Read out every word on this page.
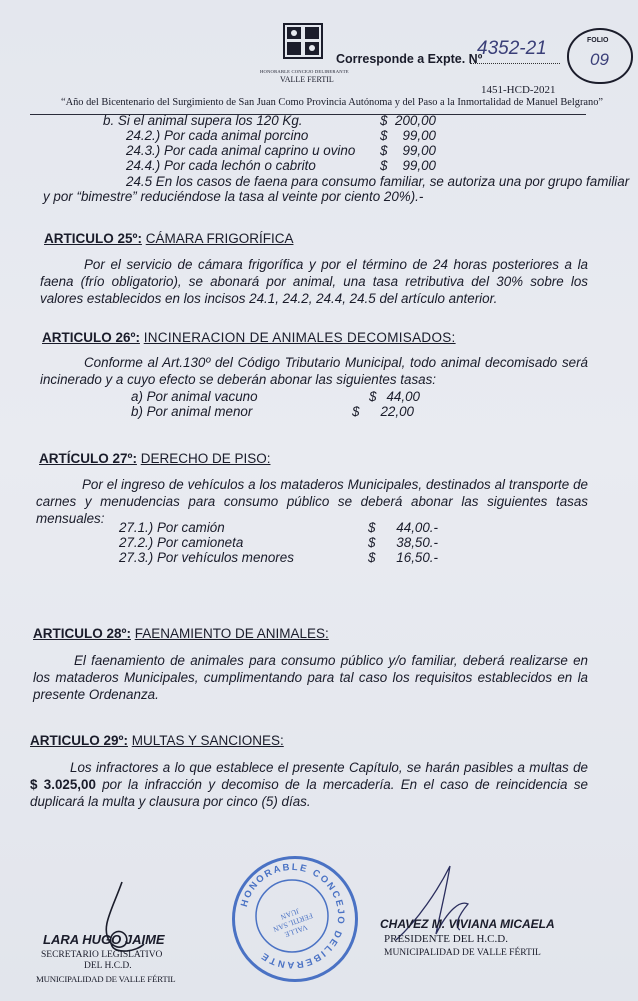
HONORABLE CONCEJO DELIBERANTE
VALLE FERTIL
Corresponde a Expte. Nº
4352-21	FOLIO
09
1451-HCD-2021
“Año del Bicentenario del Surgimiento de San Juan Como Provincia Autónoma y del Paso a la Inmortalidad de Manuel Belgrano”
b. Si el animal supera los 120 Kg.	$ 200,00
24.2.) Por cada animal porcino	$	99,00
24.3.) Por cada animal caprino u ovino $	99,00
24.4.) Por cada lechón o cabrito	$	99,00
24.5 En los casos de faena para consumo familiar, se autoriza una por grupo familiar
y por “bimestre” reduciéndose la tasa al veinte por ciento 20%).-
ARTICULO 25º: CÁMARA FRIGORÍFICA
Por el servicio de cámara frigorífica y por el término de 24 horas posteriores a la faena (frío obligatorio), se abonará por animal, una tasa retributiva del 30% sobre los valores establecidos en los incisos 24.1, 24.2, 24.4, 24.5 del artículo anterior.
ARTICULO 26º: INCINERACION DE ANIMALES DECOMISADOS:
Conforme al Art.130º del Código Tributario Municipal, todo animal decomisado será incinerado y a cuyo efecto se deberán abonar las siguientes tasas:
a) Por animal vacuno	$ 44,00
b) Por animal menor	$	22,00
ARTÍCULO 27º: DERECHO DE PISO:
Por el ingreso de vehículos a los mataderos Municipales, destinados al transporte de carnes y menudencias para consumo público se deberá abonar las siguientes tasas mensuales:
27.1.) Por camión	$	44,00.-
27.2.) Por camioneta	$	38,50.-
27.3.) Por vehículos menores	$	16,50.-
ARTICULO 28º: FAENAMIENTO DE ANIMALES:
El faenamiento de animales para consumo público y/o familiar, deberá realizarse en los mataderos Municipales, cumplimentando para tal caso los requisitos establecidos en la presente Ordenanza.
ARTICULO 29º: MULTAS Y SANCIONES:
Los infractores a lo que establece el presente Capítulo, se harán pasibles a multas de $ 3.025,00 por la infracción y decomiso de la mercadería. En el caso de reincidencia se duplicará la multa y clausura por cinco (5) días.
HONORABLE CONCEJO DELIBERANTE
VALLE FERTIL SAN JUAN
LARA HUGO JAIME
SECRETARIO LEGISLATIVO
DEL H.C.D.
MUNICIPALIDAD DE VALLE FÉRTIL
CHAVEZ M. VIVIANA MICAELA
PRESIDENTE DEL H.C.D.
MUNICIPALIDAD DE VALLE FÉRTIL
